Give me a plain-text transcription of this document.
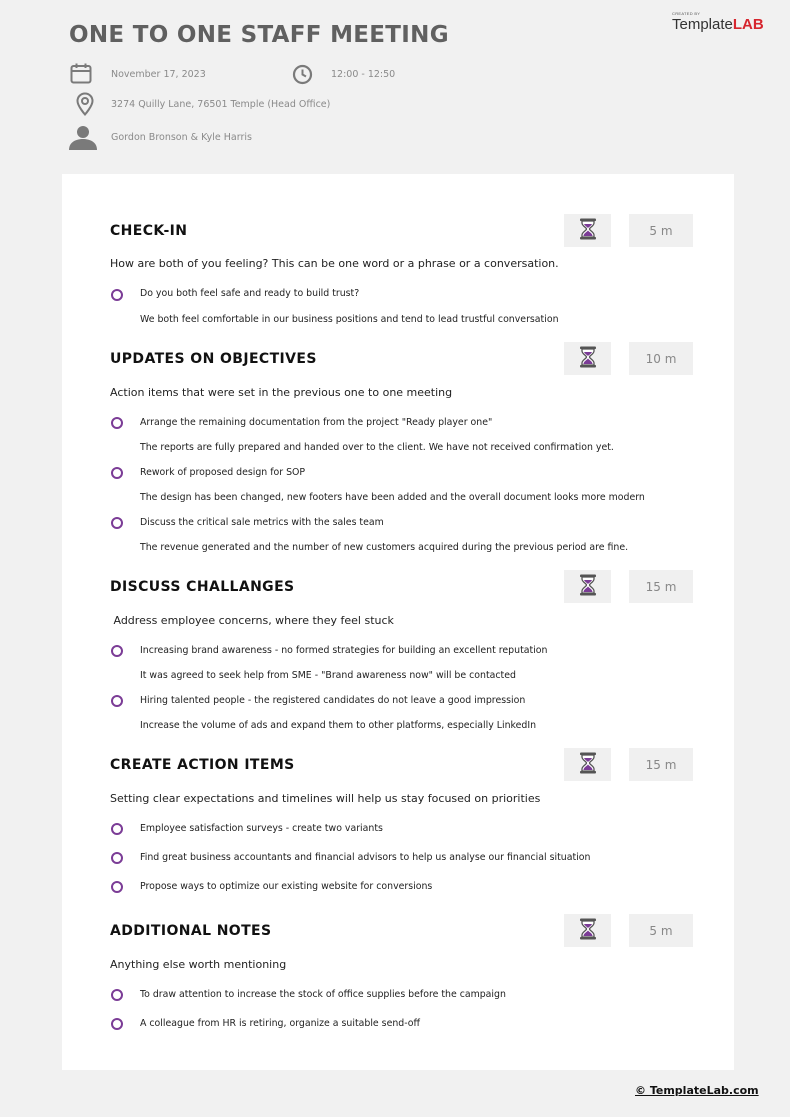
ONE TO ONE STAFF MEETING
CREATED BY
TemplateLAB
November 17, 2023	12:00 - 12:50
3274 Quilly Lane, 76501 Temple (Head Office)
Gordon Bronson & Kyle Harris
CHECK-IN	5 m
How are both of you feeling? This can be one word or a phrase or a conversation.
Do you both feel safe and ready to build trust?
We both feel comfortable in our business positions and tend to lead trustful conversation
UPDATES ON OBJECTIVES	10 m
Action items that were set in the previous one to one meeting
Arrange the remaining documentation from the project "Ready player one"
The reports are fully prepared and handed over to the client. We have not received confirmation yet.
Rework of proposed design for SOP
The design has been changed, new footers have been added and the overall document looks more modern
Discuss the critical sale metrics with the sales team
The revenue generated and the number of new customers acquired during the previous period are fine.
DISCUSS CHALLANGES	15 m
Address employee concerns, where they feel stuck
Increasing brand awareness - no formed strategies for building an excellent reputation
It was agreed to seek help from SME - "Brand awareness now" will be contacted
Hiring talented people - the registered candidates do not leave a good impression
Increase the volume of ads and expand them to other platforms, especially LinkedIn
CREATE ACTION ITEMS	15 m
Setting clear expectations and timelines will help us stay focused on priorities
Employee satisfaction surveys - create two variants
Find great business accountants and financial advisors to help us analyse our financial situation
Propose ways to optimize our existing website for conversions
ADDITIONAL NOTES	5 m
Anything else worth mentioning
To draw attention to increase the stock of office supplies before the campaign
A colleague from HR is retiring, organize a suitable send-off
© TemplateLab.com
